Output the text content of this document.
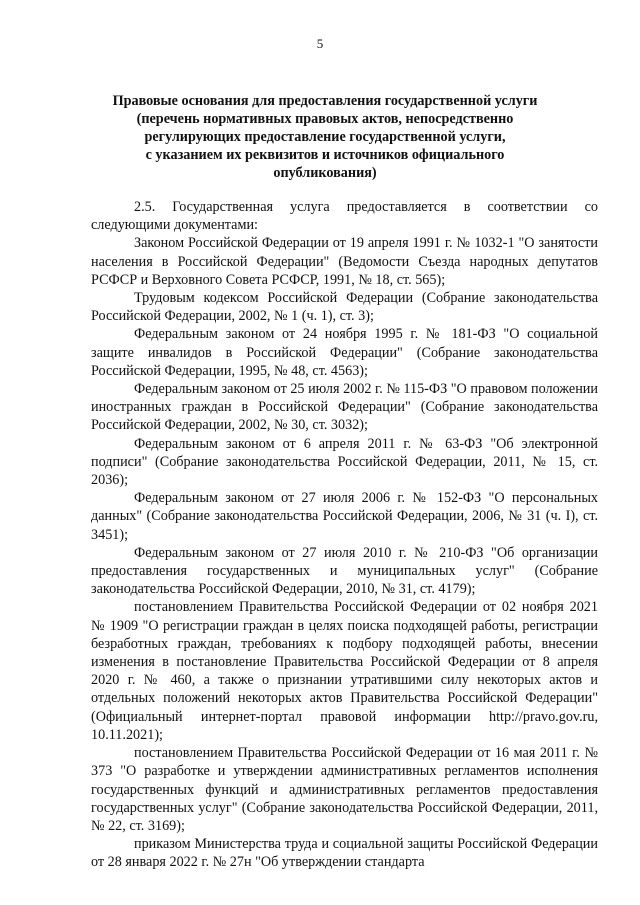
5
Правовые основания для предоставления государственной услуги
(перечень нормативных правовых актов, непосредственно
регулирующих предоставление государственной услуги,
с указанием их реквизитов и источников официального
опубликования)

2.5. Государственная услуга предоставляется в соответствии со следующими документами:

Законом Российской Федерации от 19 апреля 1991 г. № 1032-1 "О занятости населения в Российской Федерации" (Ведомости Съезда народных депутатов РСФСР и Верховного Совета РСФСР, 1991, № 18, ст. 565);

Трудовым кодексом Российской Федерации (Собрание законодательства Российской Федерации, 2002, № 1 (ч. 1), ст. 3);

Федеральным законом от 24 ноября 1995 г. № 181-ФЗ "О социальной защите инвалидов в Российской Федерации" (Собрание законодательства Российской Федерации, 1995, № 48, ст. 4563);

Федеральным законом от 25 июля 2002 г. № 115-ФЗ "О правовом положении иностранных граждан в Российской Федерации" (Собрание законодательства Российской Федерации, 2002, № 30, ст. 3032);

Федеральным законом от 6 апреля 2011 г. № 63-ФЗ "Об электронной подписи" (Собрание законодательства Российской Федерации, 2011, № 15, ст. 2036);

Федеральным законом от 27 июля 2006 г. № 152-ФЗ "О персональных данных" (Собрание законодательства Российской Федерации, 2006, № 31 (ч. I), ст. 3451);

Федеральным законом от 27 июля 2010 г. № 210-ФЗ "Об организации предоставления государственных и муниципальных услуг" (Собрание законодательства Российской Федерации, 2010, № 31, ст. 4179);

постановлением Правительства Российской Федерации от 02 ноября 2021 № 1909 "О регистрации граждан в целях поиска подходящей работы, регистрации безработных граждан, требованиях к подбору подходящей работы, внесении изменения в постановление Правительства Российской Федерации от 8 апреля 2020 г. № 460, а также о признании утратившими силу некоторых актов и отдельных положений некоторых актов Правительства Российской Федерации" (Официальный интернет-портал правовой информации http://pravo.gov.ru, 10.11.2021);

постановлением Правительства Российской Федерации от 16 мая 2011 г. № 373 "О разработке и утверждении административных регламентов исполнения государственных функций и административных регламентов предоставления государственных услуг" (Собрание законодательства Российской Федерации, 2011, № 22, ст. 3169);

приказом Министерства труда и социальной защиты Российской Федерации от 28 января 2022 г. № 27н "Об утверждении стандарта
